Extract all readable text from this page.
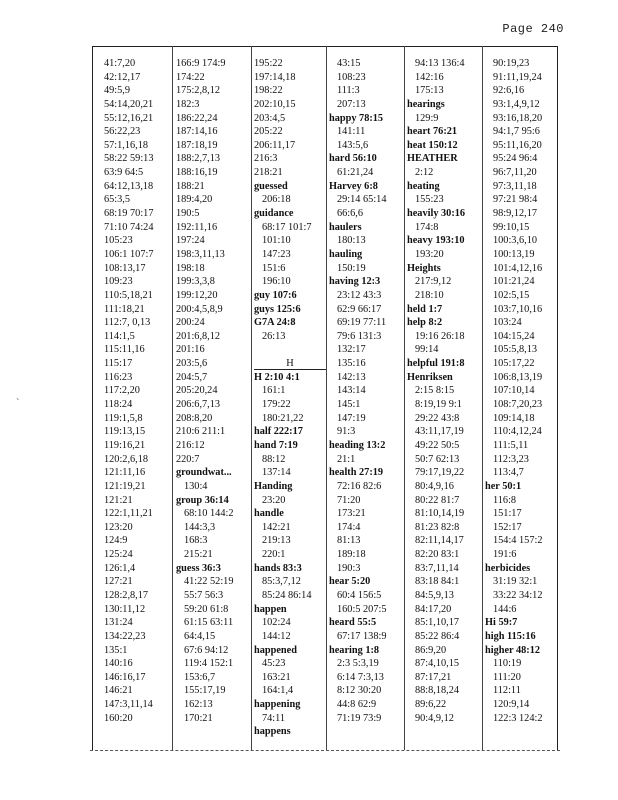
Page 240
`
41:7,20
42:12,17
49:5,9
54:14,20,21
55:12,16,21
56:22,23
57:1,16,18
58:22 59:13
63:9 64:5
64:12,13,18
65:3,5
68:19 70:17
71:10 74:24
105:23
106:1 107:7
108:13,17
109:23
110:5,18,21
111:18,21
112:7, 0,13
114:1,5
115:11,16
115:17
116:23
117:2,20
118:24
119:1,5,8
119:13,15
119:16,21
120:2,6,18
121:11,16
121:19,21
121:21
122:1,11,21
123:20
124:9
125:24
126:1,4
127:21
128:2,8,17
130:11,12
131:24
134:22,23
135:1
140:16
146:16,17
146:21
147:3,11,14
160:20
166:9 174:9
174:22
175:2,8,12
182:3
186:22,24
187:14,16
187:18,19
188:2,7,13
188:16,19
188:21
189:4,20
190:5
192:11,16
197:24
198:3,11,13
198:18
199:3,3,8
199:12,20
200:4,5,8,9
200:24
201:6,8,12
201:16
203:5,6
204:5,7
205:20,24
206:6,7,13
208:8,20
210:6 211:1
216:12
220:7
groundwat...
130:4
group 36:14
68:10 144:2
144:3,3
168:3
215:21
guess 36:3
41:22 52:19
55:7 56:3
59:20 61:8
61:15 63:11
64:4,15
67:6 94:12
119:4 152:1
153:6,7
155:17,19
162:13
170:21
195:22
197:14,18
198:22
202:10,15
203:4,5
205:22
206:11,17
216:3
218:21
guessed
206:18
guidance
68:17 101:7
101:10
147:23
151:6
196:10
guy 107:6
guys 125:6
G7A 24:8
26:13
H
H 2:10 4:1
161:1
179:22
180:21,22
half 222:17
hand 7:19
88:12
137:14
Handing
23:20
handle
142:21
219:13
220:1
hands 83:3
85:3,7,12
85:24 86:14
happen
102:24
144:12
happened
45:23
163:21
164:1,4
happening
74:11
happens
43:15
108:23
111:3
207:13
happy 78:15
141:11
143:5,6
hard 56:10
61:21,24
Harvey 6:8
29:14 65:14
66:6,6
haulers
180:13
hauling
150:19
having 12:3
23:12 43:3
62:9 66:17
69:19 77:11
79:6 131:3
132:17
135:16
142:13
143:14
145:1
147:19
91:3
heading 13:2
21:1
health 27:19
72:16 82:6
71:20
173:21
174:4
81:13
189:18
190:3
hear 5:20
60:4 156:5
160:5 207:5
heard 55:5
67:17 138:9
hearing 1:8
2:3 5:3,19
6:14 7:3,13
8:12 30:20
44:8 62:9
71:19 73:9
94:13 136:4
142:16
175:13
hearings
129:9
heart 76:21
heat 150:12
HEATHER
2:12
heating
155:23
heavily 30:16
174:8
heavy 193:10
193:20
Heights
217:9,12
218:10
held 1:7
help 8:2
19:16 26:18
99:14
helpful 191:8
Henriksen
2:15 8:15
8:19,19 9:1
29:22 43:8
43:11,17,19
49:22 50:5
50:7 62:13
79:17,19,22
80:4,9,16
80:22 81:7
81:10,14,19
81:23 82:8
82:11,14,17
82:20 83:1
83:7,11,14
83:18 84:1
84:5,9,13
84:17,20
85:1,10,17
85:22 86:4
86:9,20
87:4,10,15
87:17,21
88:8,18,24
89:6,22
90:4,9,12
90:19,23
91:11,19,24
92:6,16
93:1,4,9,12
93:16,18,20
94:1,7 95:6
95:11,16,20
95:24 96:4
96:7,11,20
97:3,11,18
97:21 98:4
98:9,12,17
99:10,15
100:3,6,10
100:13,19
101:4,12,16
101:21,24
102:5,15
103:7,10,16
103:24
104:15,24
105:5,8,13
105:17,22
106:8,13,19
107:10,14
108:7,20,23
109:14,18
110:4,12,24
111:5,11
112:3,23
113:4,7
her 50:1
116:8
151:17
152:17
154:4 157:2
191:6
herbicides
31:19 32:1
33:22 34:12
144:6
Hi 59:7
high 115:16
higher 48:12
110:19
111:20
112:11
120:9,14
122:3 124:2
